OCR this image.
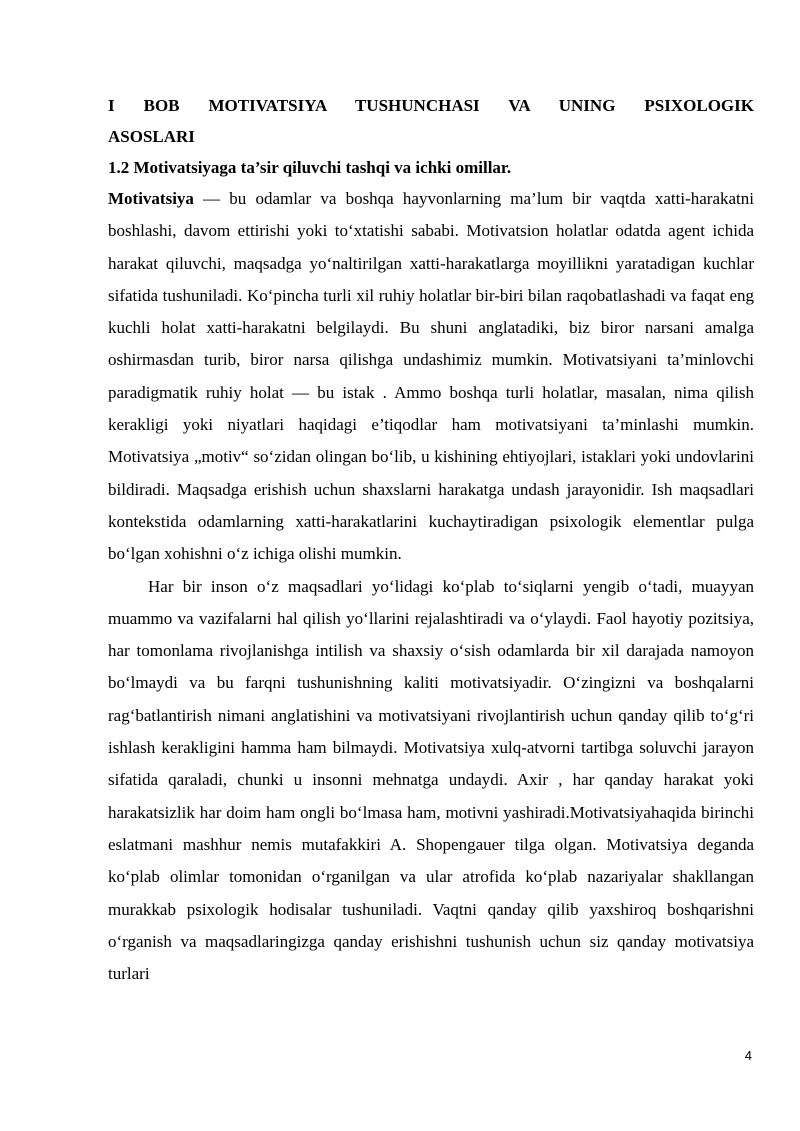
I BOB MOTIVATSIYA TUSHUNCHASI VA UNING PSIXOLOGIK
ASOSLARI

1.2 Motivatsiyaga ta’sir qiluvchi tashqi va ichki omillar.

Motivatsiya — bu odamlar va boshqa hayvonlarning ma’lum bir vaqtda xatti-harakatni boshlashi, davom ettirishi yoki to‘xtatishi sababi. Motivatsion holatlar odatda agent ichida harakat qiluvchi, maqsadga yo‘naltirilgan xatti-harakatlarga moyillikni yaratadigan kuchlar sifatida tushuniladi. Ko‘pincha turli xil ruhiy holatlar bir-biri bilan raqobatlashadi va faqat eng kuchli holat xatti-harakatni belgilaydi. Bu shuni anglatadiki, biz biror narsani amalga oshirmasdan turib, biror narsa qilishga undashimiz mumkin. Motivatsiyani ta’minlovchi paradigmatik ruhiy holat — bu istak . Ammo boshqa turli holatlar, masalan, nima qilish kerakligi yoki niyatlari haqidagi e’tiqodlar ham motivatsiyani ta’minlashi mumkin. Motivatsiya „motiv“ so‘zidan olingan bo‘lib, u kishining ehtiyojlari, istaklari yoki undovlarini bildiradi. Maqsadga erishish uchun shaxslarni harakatga undash jarayonidir. Ish maqsadlari kontekstida odamlarning xatti-harakatlarini kuchaytiradigan psixologik elementlar pulga bo‘lgan xohishni o‘z ichiga olishi mumkin.

Har bir inson o‘z maqsadlari yo‘lidagi ko‘plab to‘siqlarni yengib o‘tadi, muayyan muammo va vazifalarni hal qilish yo‘llarini rejalashtiradi va o‘ylaydi. Faol hayotiy pozitsiya, har tomonlama rivojlanishga intilish va shaxsiy o‘sish odamlarda bir xil darajada namoyon bo‘lmaydi va bu farqni tushunishning kaliti motivatsiyadir. O‘zingizni va boshqalarni rag‘batlantirish nimani anglatishini va motivatsiyani rivojlantirish uchun qanday qilib to‘g‘ri ishlash kerakligini hamma ham bilmaydi. Motivatsiya xulq-atvorni tartibga soluvchi jarayon sifatida qaraladi, chunki u insonni mehnatga undaydi. Axir , har qanday harakat yoki harakatsizlik har doim ham ongli bo‘lmasa ham, motivni yashiradi.Motivatsiyahaqida birinchi eslatmani mashhur nemis mutafakkiri A. Shopengauer tilga olgan. Motivatsiya deganda ko‘plab olimlar tomonidan o‘rganilgan va ular atrofida ko‘plab nazariyalar shakllangan murakkab psixologik hodisalar tushuniladi. Vaqtni qanday qilib yaxshiroq boshqarishni o‘rganish va maqsadlaringizga qanday erishishni tushunish uchun siz qanday motivatsiya turlari

4
